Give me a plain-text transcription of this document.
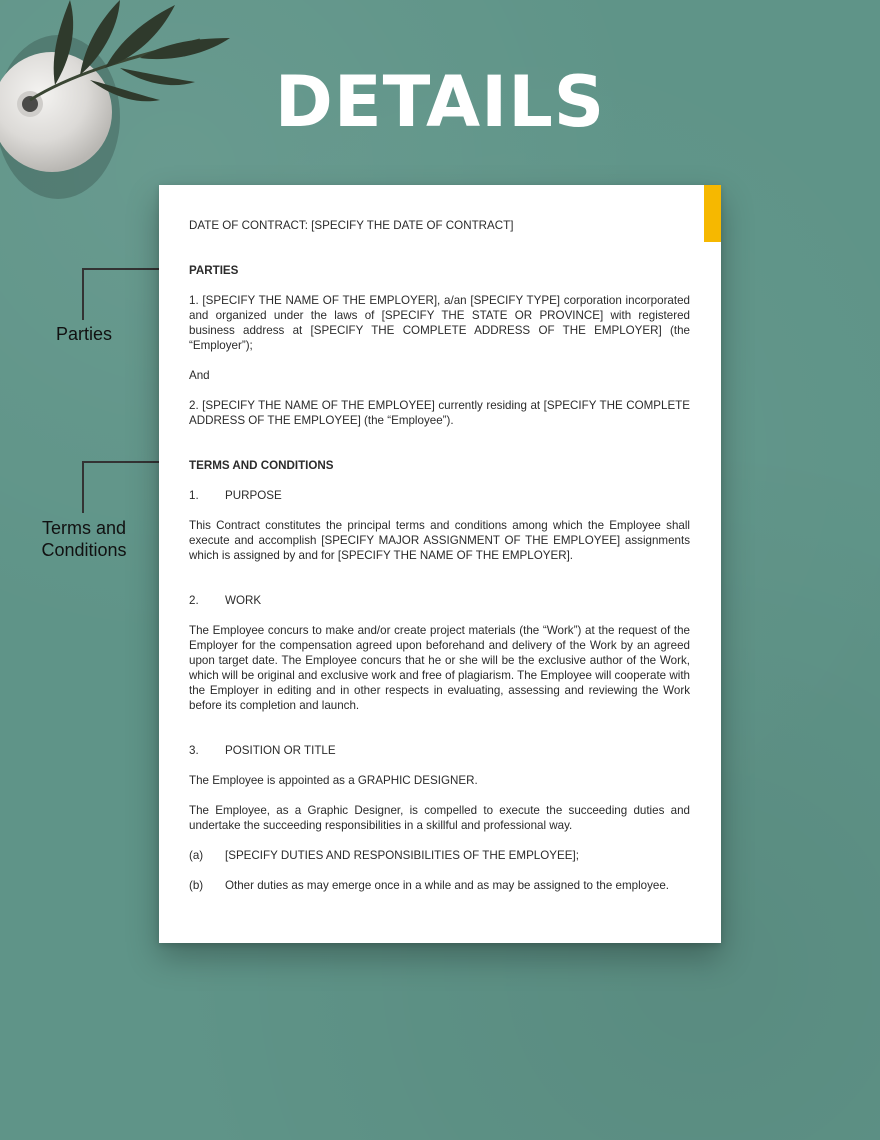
DETAILS
Parties
Terms and
Conditions

DATE OF CONTRACT: [SPECIFY THE DATE OF CONTRACT]

PARTIES

1. [SPECIFY THE NAME OF THE EMPLOYER], a/an [SPECIFY TYPE] corporation incorporated and organized under the laws of [SPECIFY THE STATE OR PROVINCE] with registered business address at [SPECIFY THE COMPLETE ADDRESS OF THE EMPLOYER] (the “Employer”);

And

2. [SPECIFY THE NAME OF THE EMPLOYEE] currently residing at [SPECIFY THE COMPLETE ADDRESS OF THE EMPLOYEE] (the “Employee”).

TERMS AND CONDITIONS

1.	PURPOSE

This Contract constitutes the principal terms and conditions among which the Employee shall execute and accomplish [SPECIFY MAJOR ASSIGNMENT OF THE EMPLOYEE] assignments which is assigned by and for [SPECIFY THE NAME OF THE EMPLOYER].

2.	WORK

The Employee concurs to make and/or create project materials (the “Work”) at the request of the Employer for the compensation agreed upon beforehand and delivery of the Work by an agreed upon target date. The Employee concurs that he or she will be the exclusive author of the Work, which will be original and exclusive work and free of plagiarism. The Employee will cooperate with the Employer in editing and in other respects in evaluating, assessing and reviewing the Work before its completion and launch.

3.	POSITION OR TITLE

The Employee is appointed as a GRAPHIC DESIGNER.

The Employee, as a Graphic Designer, is compelled to execute the succeeding duties and undertake the succeeding responsibilities in a skillful and professional way.

(a)	[SPECIFY DUTIES AND RESPONSIBILITIES OF THE EMPLOYEE];
(b)	Other duties as may emerge once in a while and as may be assigned to the employee.
